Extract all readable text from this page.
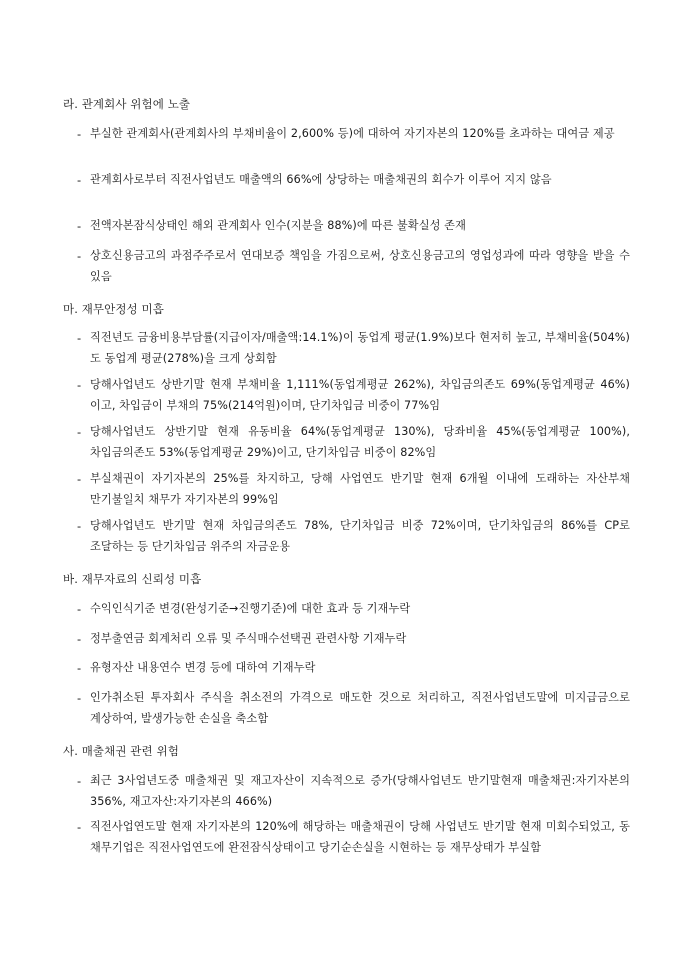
라. 관계회사 위험에 노출
- 부실한 관계회사(관계회사의 부채비율이 2,600% 등)에 대하여 자기자본의 120%를 초과하는 대여금 제공
- 관계회사로부터 직전사업년도 매출액의 66%에 상당하는 매출채권의 회수가 이루어 지지 않음
- 전액자본잠식상태인 해외 관계회사 인수(지분을 88%)에 따른 불확실성 존재
- 상호신용금고의 과점주주로서 연대보증 책임을 가짐으로써, 상호신용금고의 영업성과에 따라 영향을 받을 수 있음
마. 재무안정성 미흡
- 직전년도 금융비용부담률(지급이자/매출액:14.1%)이 동업계 평균(1.9%)보다 현저히 높고, 부채비율(504%)도 동업계 평균(278%)을 크게 상회함
- 당해사업년도 상반기말 현재 부채비율 1,111%(동업계평균 262%), 차입금의존도 69%(동업계평균 46%)이고, 차입금이 부채의 75%(214억원)이며, 단기차입금 비중이 77%임
- 당해사업년도 상반기말 현재 유동비율 64%(동업계평균 130%), 당좌비율 45%(동업계평균 100%), 차입금의존도 53%(동업계평균 29%)이고, 단기차입금 비중이 82%임
- 부실채권이 자기자본의 25%를 차지하고, 당해 사업연도 반기말 현재 6개월 이내에 도래하는 자산부채 만기불일치 채무가 자기자본의 99%임
- 당해사업년도 반기말 현재 차입금의존도 78%, 단기차입금 비중 72%이며, 단기차입금의 86%를 CP로 조달하는 등 단기차입금 위주의 자금운용
바. 재무자료의 신뢰성 미흡
- 수익인식기준 변경(완성기준→진행기준)에 대한 효과 등 기재누락
- 정부출연금 회계처리 오류 및 주식매수선택권 관련사항 기재누락
- 유형자산 내용연수 변경 등에 대하여 기재누락
- 인가취소된 투자회사 주식을 취소전의 가격으로 매도한 것으로 처리하고, 직전사업년도말에 미지급금으로 계상하여, 발생가능한 손실을 축소함
사. 매출채권 관련 위험
- 최근 3사업년도중 매출채권 및 재고자산이 지속적으로 증가(당해사업년도 반기말현재 매출채권:자기자본의 356%, 재고자산:자기자본의 466%)
- 직전사업연도말 현재 자기자본의 120%에 해당하는 매출채권이 당해 사업년도 반기말 현재 미회수되었고, 동 채무기업은 직전사업연도에 완전잠식상태이고 당기순손실을 시현하는 등 재무상태가 부실함
